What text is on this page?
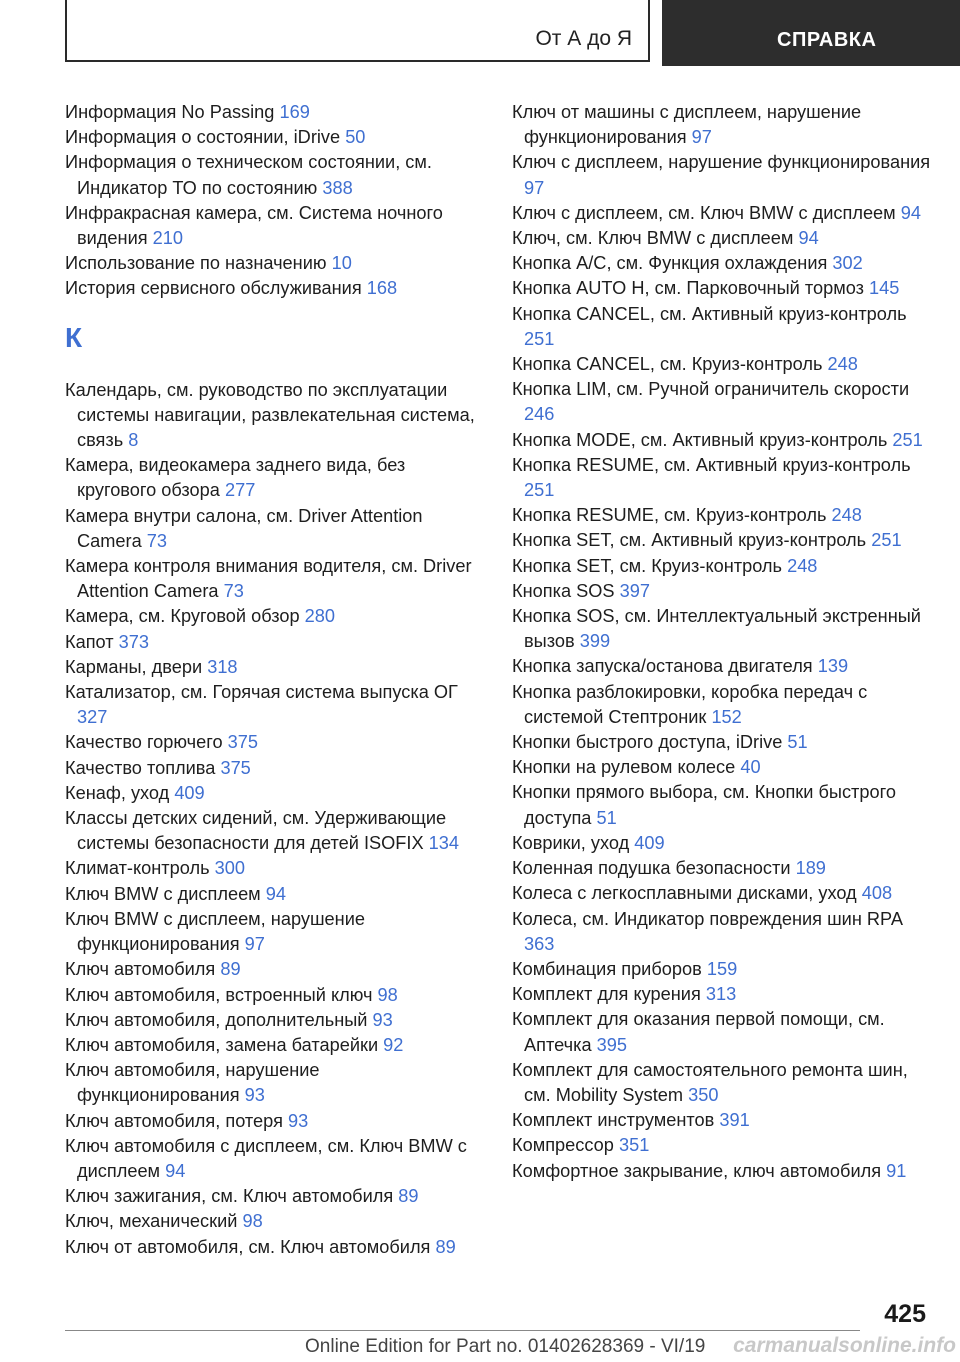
От А до Я	СПРАВКА
Информация No Passing 169
Информация о состоянии, iDrive 50
Информация о техническом состоянии, см. Индикатор ТО по состоянию 388
Инфракрасная камера, см. Система ночного видения 210
Использование по назначению 10
История сервисного обслуживания 168
К
Календарь, см. руководство по эксплуатации системы навигации, развлекательная система, связь 8
Камера, видеокамера заднего вида, без кругового обзора 277
Камера внутри салона, см. Driver Attention Camera 73
Камера контроля внимания водителя, см. Driver Attention Camera 73
Камера, см. Круговой обзор 280
Капот 373
Карманы, двери 318
Катализатор, см. Горячая система выпуска ОГ 327
Качество горючего 375
Качество топлива 375
Кенаф, уход 409
Классы детских сидений, см. Удерживающие системы безопасности для детей ISOFIX 134
Климат-контроль 300
Ключ BMW с дисплеем 94
Ключ BMW с дисплеем, нарушение функционирования 97
Ключ автомобиля 89
Ключ автомобиля, встроенный ключ 98
Ключ автомобиля, дополнительный 93
Ключ автомобиля, замена батарейки 92
Ключ автомобиля, нарушение функционирования 93
Ключ автомобиля, потеря 93
Ключ автомобиля с дисплеем, см. Ключ BMW с дисплеем 94
Ключ зажигания, см. Ключ автомобиля 89
Ключ, механический 98
Ключ от автомобиля, см. Ключ автомобиля 89
Ключ от машины с дисплеем, нарушение функционирования 97
Ключ с дисплеем, нарушение функционирования 97
Ключ с дисплеем, см. Ключ BMW с дисплеем 94
Ключ, см. Ключ BMW с дисплеем 94
Кнопка A/C, см. Функция охлаждения 302
Кнопка AUTO H, см. Парковочный тормоз 145
Кнопка CANCEL, см. Активный круиз-контроль 251
Кнопка CANCEL, см. Круиз-контроль 248
Кнопка LIM, см. Ручной ограничитель скорости 246
Кнопка MODE, см. Активный круиз-контроль 251
Кнопка RESUME, см. Активный круиз-контроль 251
Кнопка RESUME, см. Круиз-контроль 248
Кнопка SET, см. Активный круиз-контроль 251
Кнопка SET, см. Круиз-контроль 248
Кнопка SOS 397
Кнопка SOS, см. Интеллектуальный экстренный вызов 399
Кнопка запуска/останова двигателя 139
Кнопка разблокировки, коробка передач с системой Стептроник 152
Кнопки быстрого доступа, iDrive 51
Кнопки на рулевом колесе 40
Кнопки прямого выбора, см. Кнопки быстрого доступа 51
Коврики, уход 409
Коленная подушка безопасности 189
Колеса с легкосплавными дисками, уход 408
Колеса, см. Индикатор повреждения шин RPA 363
Комбинация приборов 159
Комплект для курения 313
Комплект для оказания первой помощи, см. Аптечка 395
Комплект для самостоятельного ремонта шин, см. Mobility System 350
Комплект инструментов 391
Компрессор 351
Комфортное закрывание, ключ автомобиля 91
425
Online Edition for Part no. 01402628369 - VI/19 carmanualsonline.info
